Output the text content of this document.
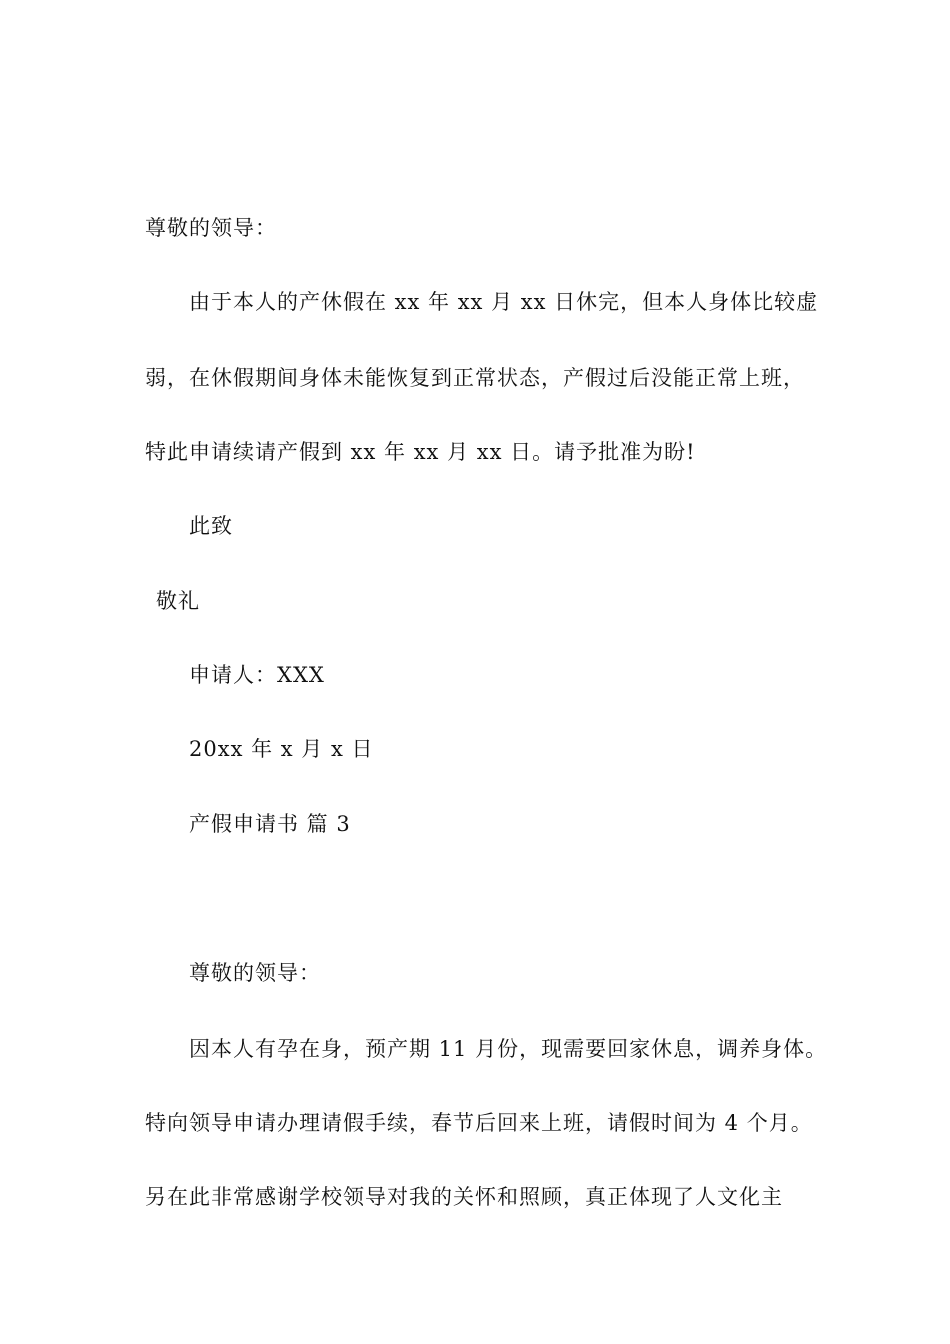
尊敬的领导：
由于本人的产休假在 xx 年 xx 月 xx 日休完，但本人身体比较虚
弱，在休假期间身体未能恢复到正常状态，产假过后没能正常上班，
特此申请续请产假到 xx 年 xx 月 xx 日。请予批准为盼!
此致
敬礼
申请人：XXX
20xx 年 x 月 x 日
产假申请书 篇 3
尊敬的领导：
因本人有孕在身，预产期 11 月份，现需要回家休息，调养身体。
特向领导申请办理请假手续，春节后回来上班，请假时间为 4 个月。
另在此非常感谢学校领导对我的关怀和照顾，真正体现了人文化主
